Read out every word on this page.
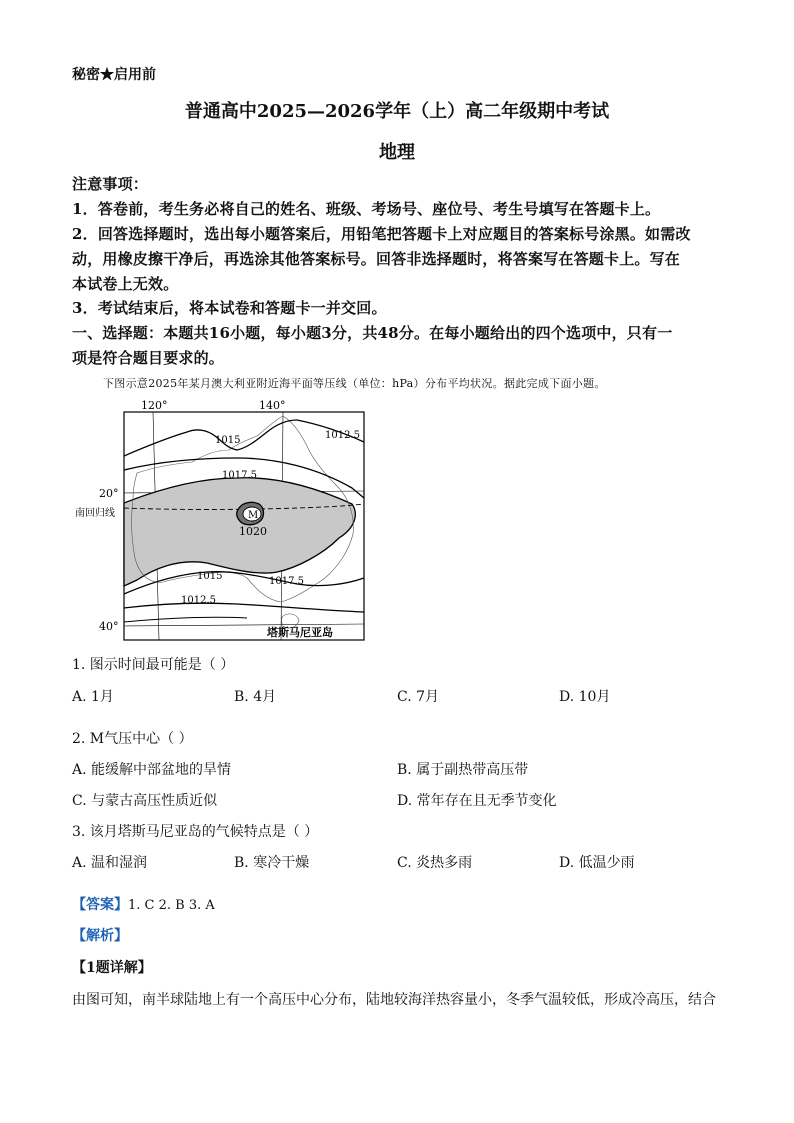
秘密★启用前
普通高中2025—2026学年（上）高二年级期中考试
地理
注意事项：
1．答卷前，考生务必将自己的姓名、班级、考场号、座位号、考生号填写在答题卡上。
2．回答选择题时，选出每小题答案后，用铅笔把答题卡上对应题目的答案标号涂黑。如需改
动，用橡皮擦干净后，再选涂其他答案标号。回答非选择题时，将答案写在答题卡上。写在
本试卷上无效。
3．考试结束后，将本试卷和答题卡一并交回。
一、选择题：本题共16小题，每小题3分，共48分。在每小题给出的四个选项中，只有一
项是符合题目要求的。
下图示意2025年某月澳大利亚附近海平面等压线（单位：hPa）分布平均状况。据此完成下面小题。
120°	140°
20°
40°
南回归线	M
1020
1015	1012.5
1017.5
1015	1017.5
1012.5
塔斯马尼亚岛
1. 图示时间最可能是（ ）
A. 1月	B. 4月	C. 7月	D. 10月
2. M气压中心（ ）
A. 能缓解中部盆地的旱情	B. 属于副热带高压带
C. 与蒙古高压性质近似	D. 常年存在且无季节变化
3. 该月塔斯马尼亚岛的气候特点是（ ）
A. 温和湿润	B. 寒冷干燥	C. 炎热多雨	D. 低温少雨
【答案】1. C 2. B 3. A
【解析】
【1题详解】
由图可知，南半球陆地上有一个高压中心分布，陆地较海洋热容量小，冬季气温较低，形成冷高压，结合
